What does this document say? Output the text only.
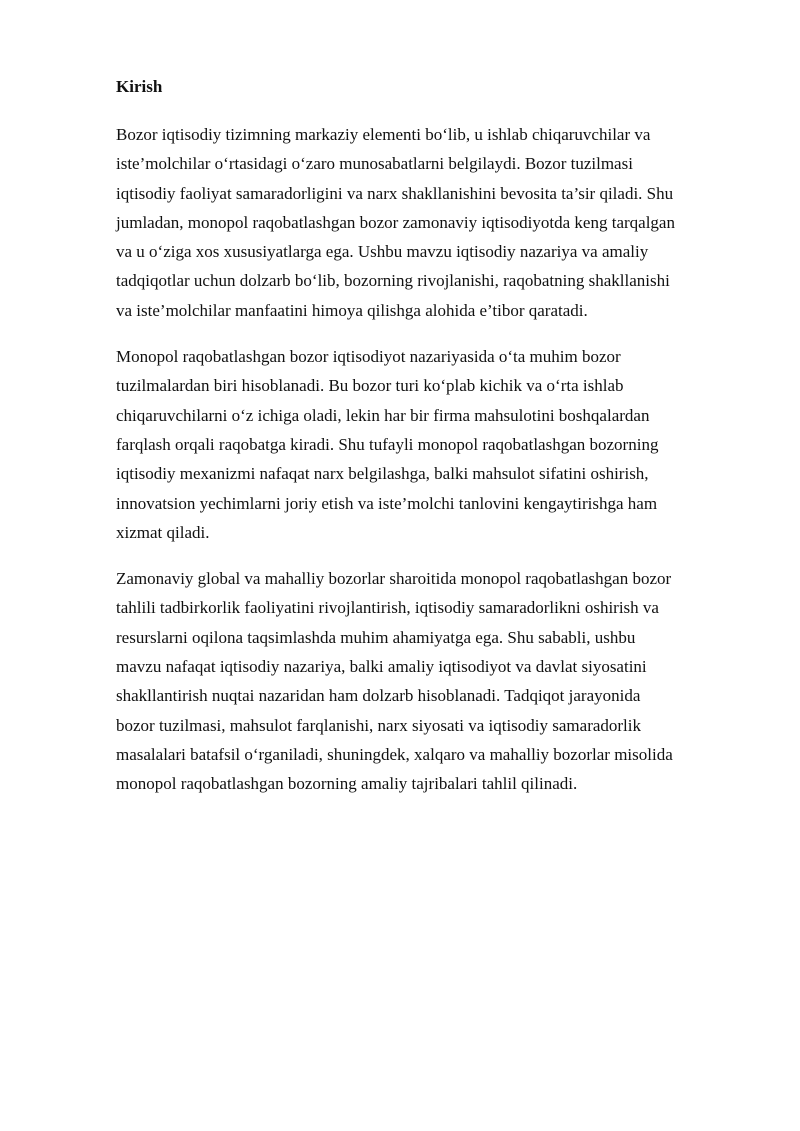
Kirish
Bozor iqtisodiy tizimning markaziy elementi bo‘lib, u ishlab chiqaruvchilar va
iste’molchilar o‘rtasidagi o‘zaro munosabatlarni belgilaydi. Bozor tuzilmasi
iqtisodiy faoliyat samaradorligini va narx shakllanishini bevosita ta’sir qiladi. Shu
jumladan, monopol raqobatlashgan bozor zamonaviy iqtisodiyotda keng tarqalgan
va u o‘ziga xos xususiyatlarga ega. Ushbu mavzu iqtisodiy nazariya va amaliy
tadqiqotlar uchun dolzarb bo‘lib, bozorning rivojlanishi, raqobatning shakllanishi
va iste’molchilar manfaatini himoya qilishga alohida e’tibor qaratadi.
Monopol raqobatlashgan bozor iqtisodiyot nazariyasida o‘ta muhim bozor
tuzilmalardan biri hisoblanadi. Bu bozor turi ko‘plab kichik va o‘rta ishlab
chiqaruvchilarni o‘z ichiga oladi, lekin har bir firma mahsulotini boshqalardan
farqlash orqali raqobatga kiradi. Shu tufayli monopol raqobatlashgan bozorning
iqtisodiy mexanizmi nafaqat narx belgilashga, balki mahsulot sifatini oshirish,
innovatsion yechimlarni joriy etish va iste’molchi tanlovini kengaytirishga ham
xizmat qiladi.
Zamonaviy global va mahalliy bozorlar sharoitida monopol raqobatlashgan bozor
tahlili tadbirkorlik faoliyatini rivojlantirish, iqtisodiy samaradorlikni oshirish va
resurslarni oqilona taqsimlashda muhim ahamiyatga ega. Shu sababli, ushbu
mavzu nafaqat iqtisodiy nazariya, balki amaliy iqtisodiyot va davlat siyosatini
shakllantirish nuqtai nazaridan ham dolzarb hisoblanadi. Tadqiqot jarayonida
bozor tuzilmasi, mahsulot farqlanishi, narx siyosati va iqtisodiy samaradorlik
masalalari batafsil o‘rganiladi, shuningdek, xalqaro va mahalliy bozorlar misolida
monopol raqobatlashgan bozorning amaliy tajribalari tahlil qilinadi.
